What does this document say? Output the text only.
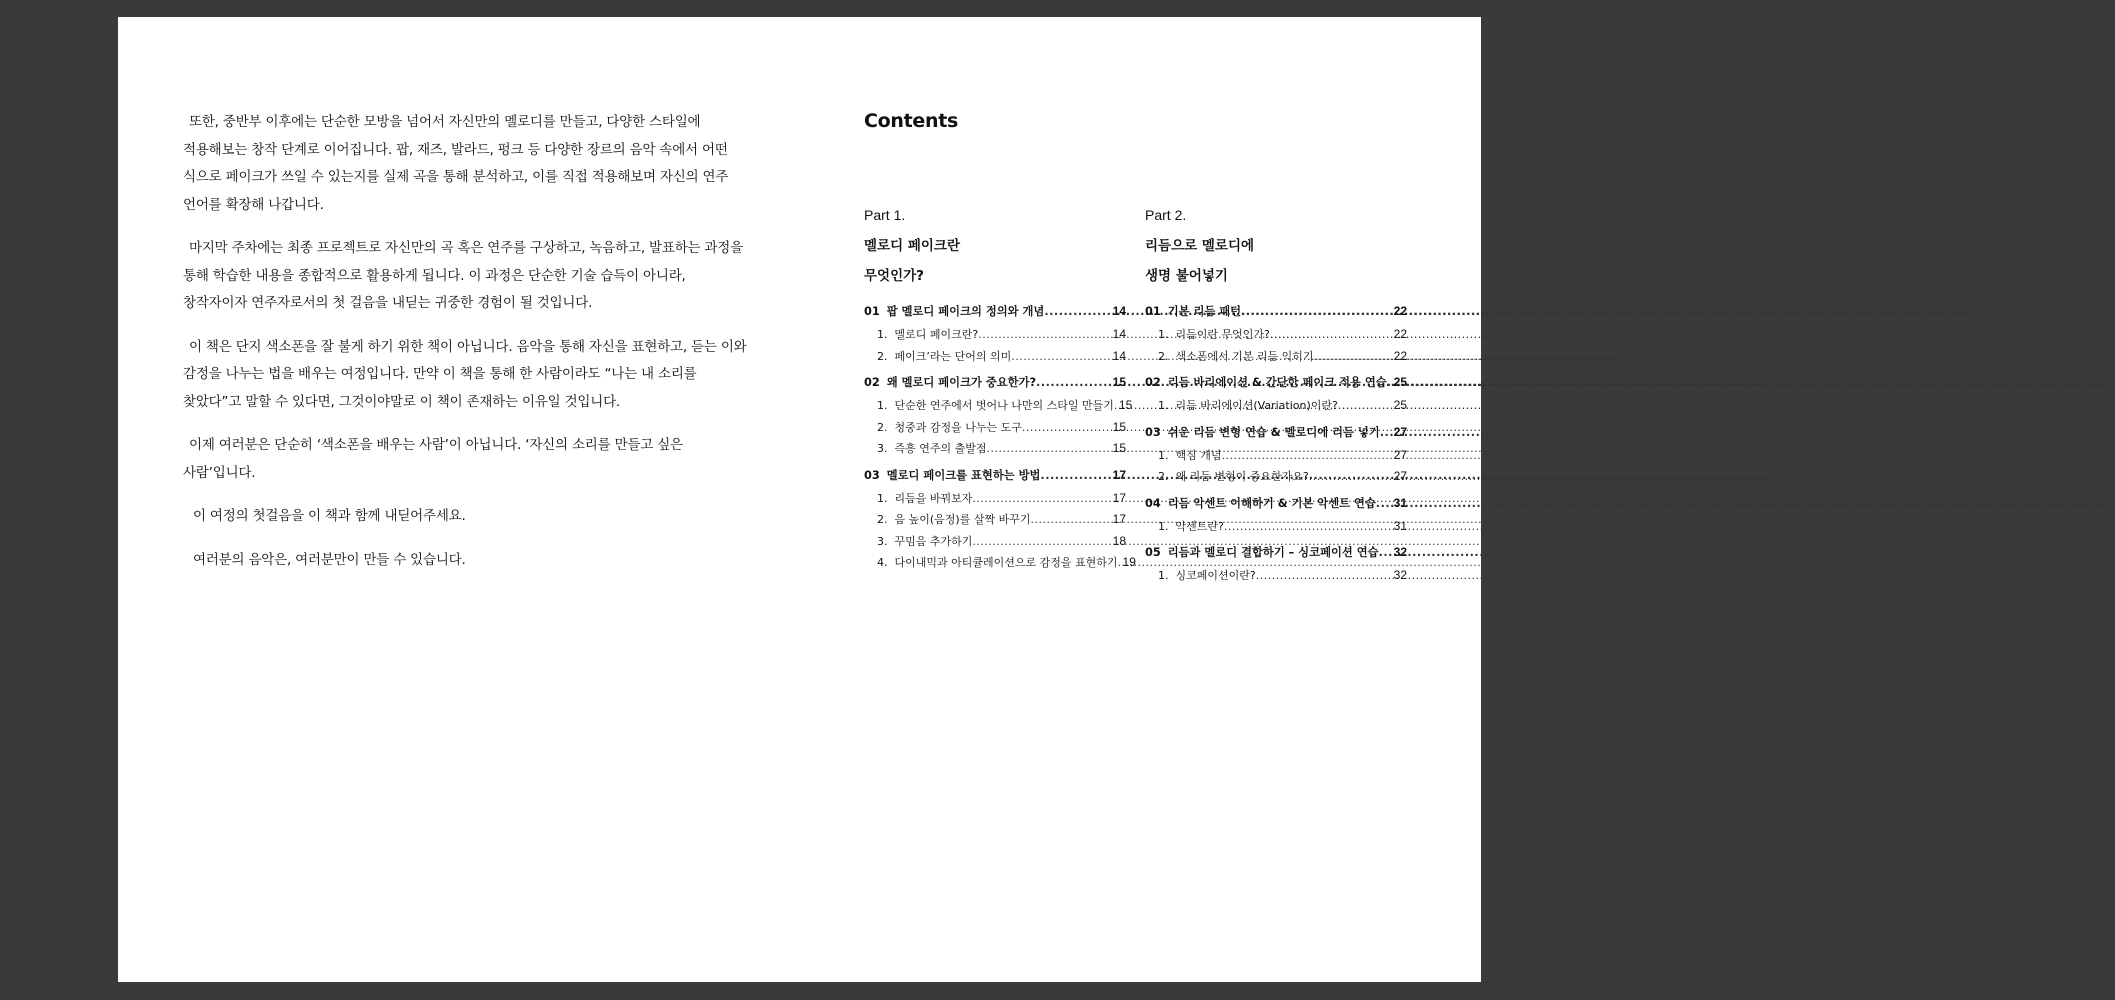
또한, 중반부 이후에는 단순한 모방을 넘어서 자신만의 멜로디를 만들고, 다양한 스타일에 적용해보는 창작 단계로 이어집니다. 팝, 재즈, 발라드, 펑크 등 다양한 장르의 음악 속에서 어떤 식으로 페이크가 쓰일 수 있는지를 실제 곡을 통해 분석하고, 이를 직접 적용해보며 자신의 연주 언어를 확장해 나갑니다.

마지막 주차에는 최종 프로젝트로 자신만의 곡 혹은 연주를 구상하고, 녹음하고, 발표하는 과정을 통해 학습한 내용을 종합적으로 활용하게 됩니다. 이 과정은 단순한 기술 습득이 아니라, 창작자이자 연주자로서의 첫 걸음을 내딛는 귀중한 경험이 될 것입니다.

이 책은 단지 색소폰을 잘 불게 하기 위한 책이 아닙니다. 음악을 통해 자신을 표현하고, 듣는 이와 감정을 나누는 법을 배우는 여정입니다. 만약 이 책을 통해 한 사람이라도 “나는 내 소리를 찾았다”고 말할 수 있다면, 그것이야말로 이 책이 존재하는 이유일 것입니다.

이제 여러분은 단순히 ‘색소폰을 배우는 사람’이 아닙니다. ‘자신의 소리를 만들고 싶은 사람’입니다.

이 여정의 첫걸음을 이 책과 함께 내딛어주세요.

여러분의 음악은, 여러분만이 만들 수 있습니다.

Contents
Part 1.
멜로디 페이크란
무엇인가?
01 팝 멜로디 페이크의 정의와 개념 .....	14
1. 멜로디 페이크란? .....	14
2. 페이크’라는 단어의 의미 .....	14
02 왜 멜로디 페이크가 중요한가? .....	15
1. 단순한 연주에서 벗어나 나만의 스타일 만들기 ..... 15
2. 청중과 감정을 나누는 도구 .....	15
3. 즉흥 연주의 출발점 .....	15
03 멜로디 페이크를 표현하는 방법 .....	17
1. 리듬을 바꿔보자 .....	17
2. 음 높이(음정)를 살짝 바꾸기 .....	17
3. 꾸밈음 추가하기 .....	18
4. 다이내믹과 아티큘레이션으로 감정을 표현하기 ..... 19
Part 2.
리듬으로 멜로디에
생명 불어넣기
01 기본 리듬 패턴 .....	22
1. 리듬이란 무엇인가? .....	22
2. 색소폰에서 기본 리듬 익히기 .....	22
02 리듬 바리에이션 & 간단한 페이크 적용 연습 ..... 25
1. 리듬 바리에이션(Variation)이란? .....	25
03 쉬운 리듬 변형 연습 & 멜로디에 리듬 넣기 ..... 27
1. 핵심 개념 .....	27
2. 왜 리듬 변형이 중요한가요? .....	27
04 리듬 악센트 이해하기 & 기본 악센트 연습 ..... 31
1. 악센트란? .....	31
05 리듬과 멜로디 결합하기 – 싱코페이션 연습 ..... 32
1. 싱코페이션이란? .....	32
